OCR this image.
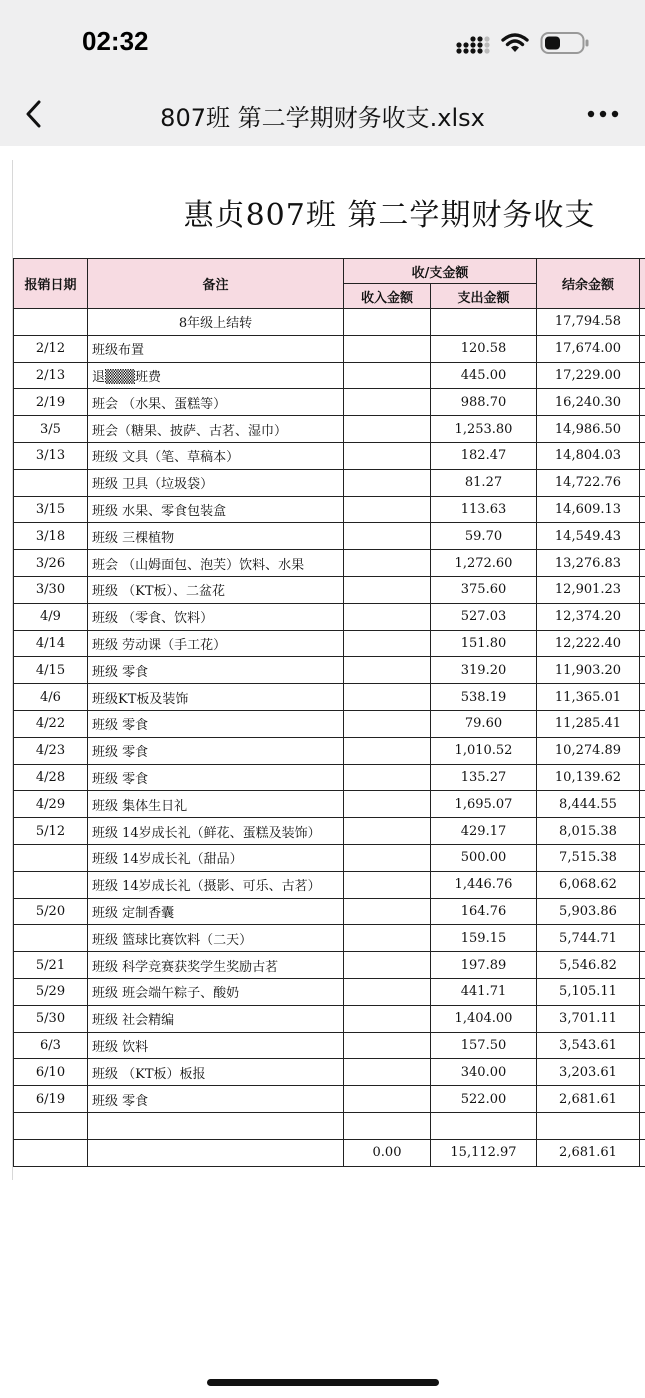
02:32
807班 第二学期财务收支.xlsx
惠贞807班 第二学期财务收支
报销日期	备注	收/支金额		结余金额	
		收入金额	支出金额		
	8年级上结转			17,794.58	
2/12	班级布置		120.58	17,674.00	
2/13	退▒▒▒班费		445.00	17,229.00	
2/19	班会 （水果、蛋糕等）		988.70	16,240.30	
3/5	班会（糖果、披萨、古茗、湿巾）		1,253.80	14,986.50	
3/13	班级 文具（笔、草稿本）		182.47	14,804.03	
	班级 卫具（垃圾袋）		81.27	14,722.76	
3/15	班级 水果、零食包装盒		113.63	14,609.13	
3/18	班级 三棵植物		59.70	14,549.43	
3/26	班会 （山姆面包、泡芙）饮料、水果		1,272.60	13,276.83	
3/30	班级 （KT板）、二盆花		375.60	12,901.23	
4/9	班级 （零食、饮料）		527.03	12,374.20	
4/14	班级 劳动课（手工花）		151.80	12,222.40	
4/15	班级 零食		319.20	11,903.20	
4/6	班级KT板及装饰		538.19	11,365.01	
4/22	班级 零食		79.60	11,285.41	
4/23	班级 零食		1,010.52	10,274.89	
4/28	班级 零食		135.27	10,139.62	
4/29	班级 集体生日礼		1,695.07	8,444.55	
5/12	班级 14岁成长礼（鲜花、蛋糕及装饰）		429.17	8,015.38	
	班级 14岁成长礼（甜品）		500.00	7,515.38	
	班级 14岁成长礼（摄影、可乐、古茗）		1,446.76	6,068.62	
5/20	班级 定制香囊		164.76	5,903.86	
	班级 篮球比赛饮料（二天）		159.15	5,744.71	
5/21	班级 科学竞赛获奖学生奖励古茗		197.89	5,546.82	
5/29	班级 班会端午粽子、酸奶		441.71	5,105.11	
5/30	班级 社会精编		1,404.00	3,701.11	
6/3	班级 饮料		157.50	3,543.61	
6/10	班级 （KT板）板报		340.00	3,203.61	
6/19	班级 零食		522.00	2,681.61	

		0.00	15,112.97	2,681.61	
